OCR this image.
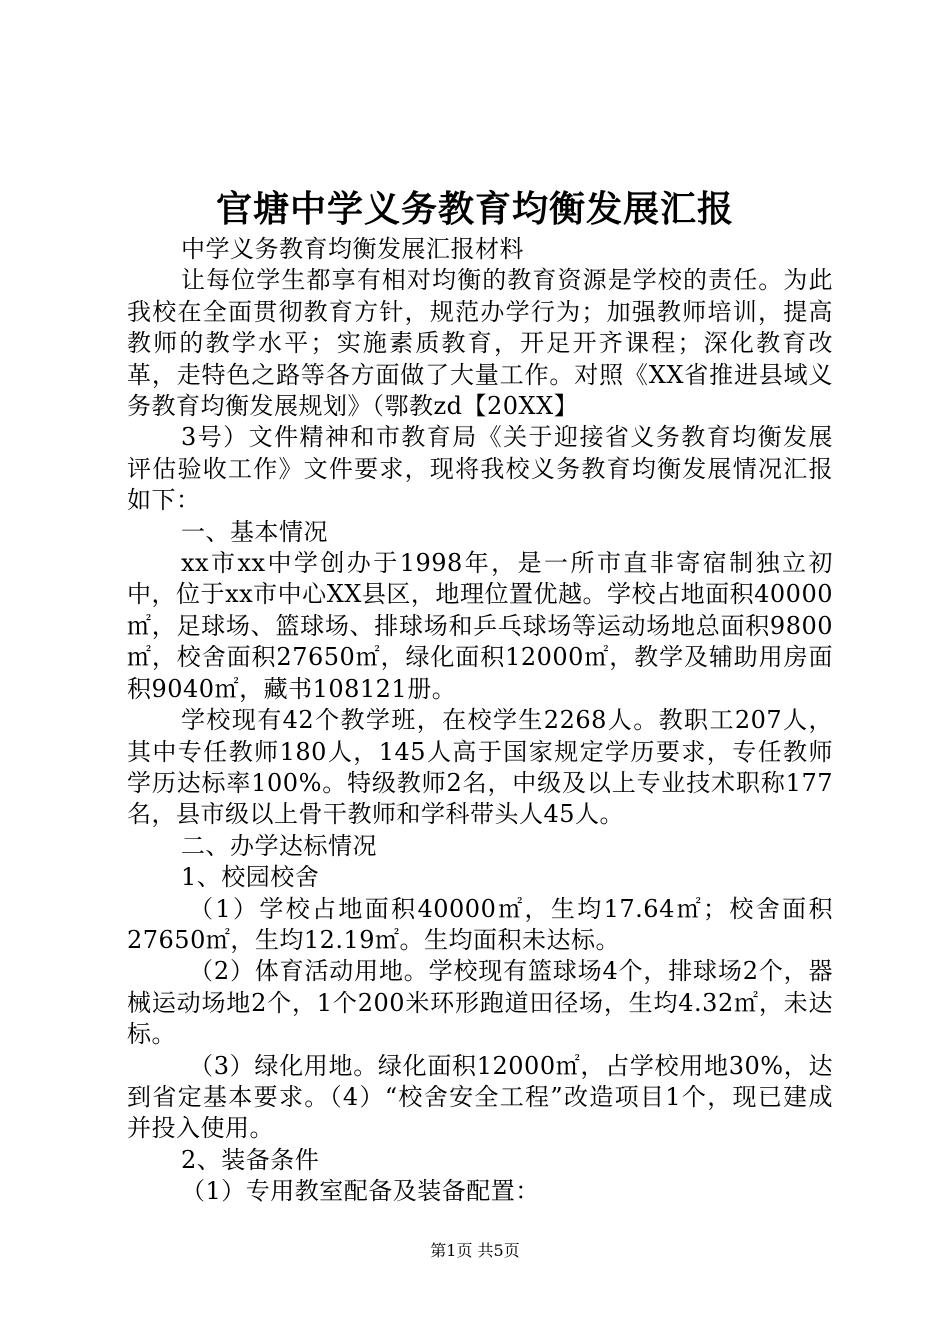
官塘中学义务教育均衡发展汇报

中学义务教育均衡发展汇报材料

让每位学生都享有相对均衡的教育资源是学校的责任。为此我校在全面贯彻教育方针，规范办学行为；加强教师培训，提高教师的教学水平；实施素质教育，开足开齐课程；深化教育改革，走特色之路等各方面做了大量工作。对照《XX省推进县域义务教育均衡发展规划》（鄂教zd【20XX】

3号）文件精神和市教育局《关于迎接省义务教育均衡发展评估验收工作》文件要求，现将我校义务教育均衡发展情况汇报如下：

一、基本情况

xx市xx中学创办于1998年，是一所市直非寄宿制独立初中，位于xx市中心XX县区，地理位置优越。学校占地面积40000㎡，足球场、篮球场、排球场和乒乓球场等运动场地总面积9800㎡，校舍面积27650㎡，绿化面积12000㎡，教学及辅助用房面积9040㎡，藏书108121册。

学校现有42个教学班，在校学生2268人。教职工207人，其中专任教师180人，145人高于国家规定学历要求，专任教师学历达标率100%。特级教师2名，中级及以上专业技术职称177名，县市级以上骨干教师和学科带头人45人。

二、办学达标情况

1、校园校舍

（1）学校占地面积40000㎡，生均17.64㎡；校舍面积27650㎡，生均12.19㎡。生均面积未达标。

（2）体育活动用地。学校现有篮球场4个，排球场2个，器械运动场地2个，1个200米环形跑道田径场，生均4.32㎡，未达标。

（3）绿化用地。绿化面积12000㎡，占学校用地30%，达到省定基本要求。（4）“校舍安全工程”改造项目1个，现已建成并投入使用。

2、装备条件

（1）专用教室配备及装备配置：

第1页 共5页
